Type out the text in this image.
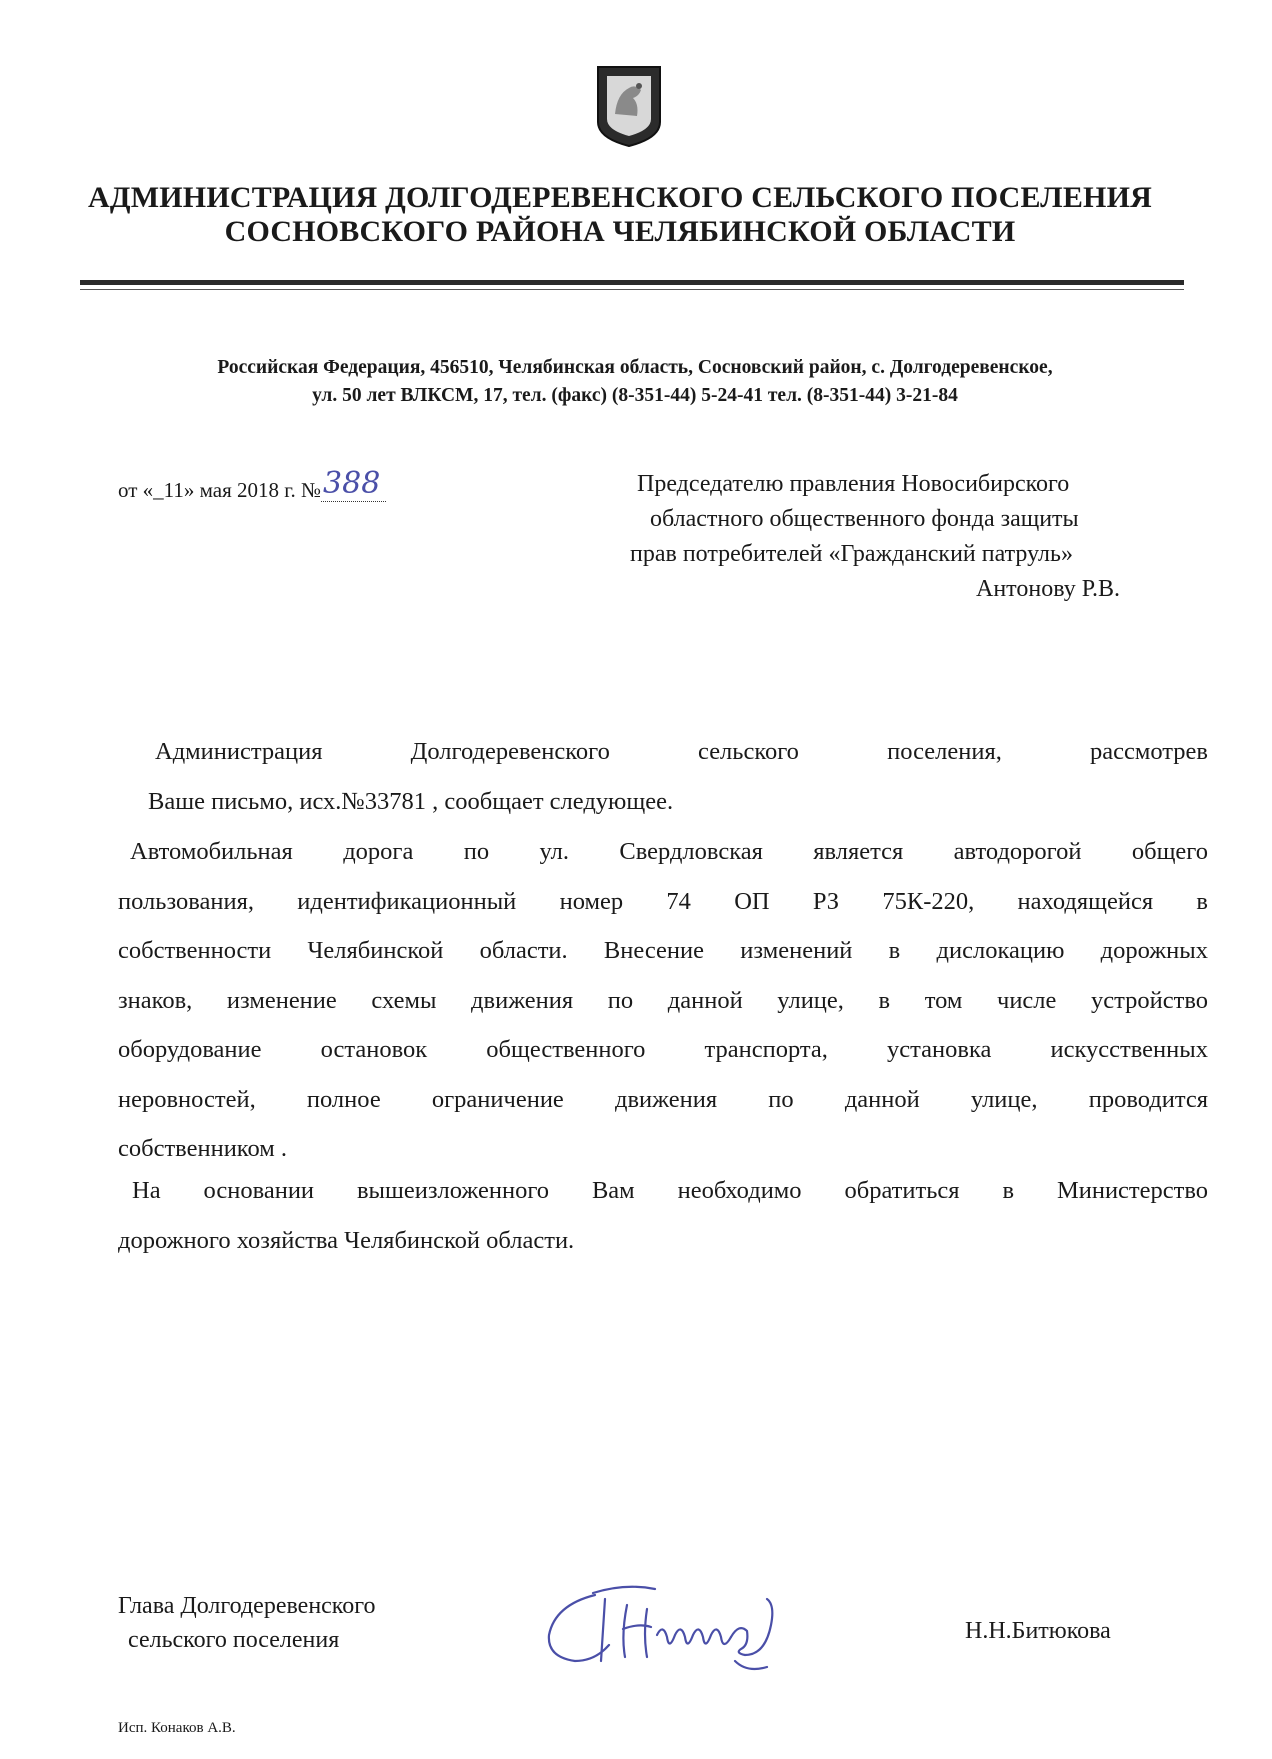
АДМИНИСТРАЦИЯ ДОЛГОДЕРЕВЕНСКОГО СЕЛЬСКОГО ПОСЕЛЕНИЯ
СОСНОВСКОГО РАЙОНА ЧЕЛЯБИНСКОЙ ОБЛАСТИ
Российская Федерация, 456510, Челябинская область, Сосновский район, с. Долгодеревенское,
ул. 50 лет ВЛКСМ, 17, тел. (факс) (8-351-44) 5-24-41 тел. (8-351-44) 3-21-84
от «_11» мая 2018 г. №388	Председателю правления Новосибирского
областного общественного фонда защиты
прав потребителей «Гражданский патруль»
Антонову Р.В.
Администрация Долгодеревенского сельского поселения, рассмотрев
Ваше письмо, исх.№33781 , сообщает следующее.
Автомобильная дорога по ул. Свердловская является автодорогой общего
пользования, идентификационный номер 74 ОП РЗ 75К-220, находящейся в
собственности Челябинской области. Внесение изменений в дислокацию дорожных
знаков, изменение схемы движения по данной улице, в том числе устройство
оборудование остановок общественного транспорта, установка искусственных
неровностей, полное ограничение движения по данной улице, проводится
собственником .
На основании вышеизложенного Вам необходимо обратиться в Министерство
дорожного хозяйства Челябинской области.
Глава Долгодеревенского
сельского поселения	Н.Н.Битюкова
Исп. Конаков А.В.
